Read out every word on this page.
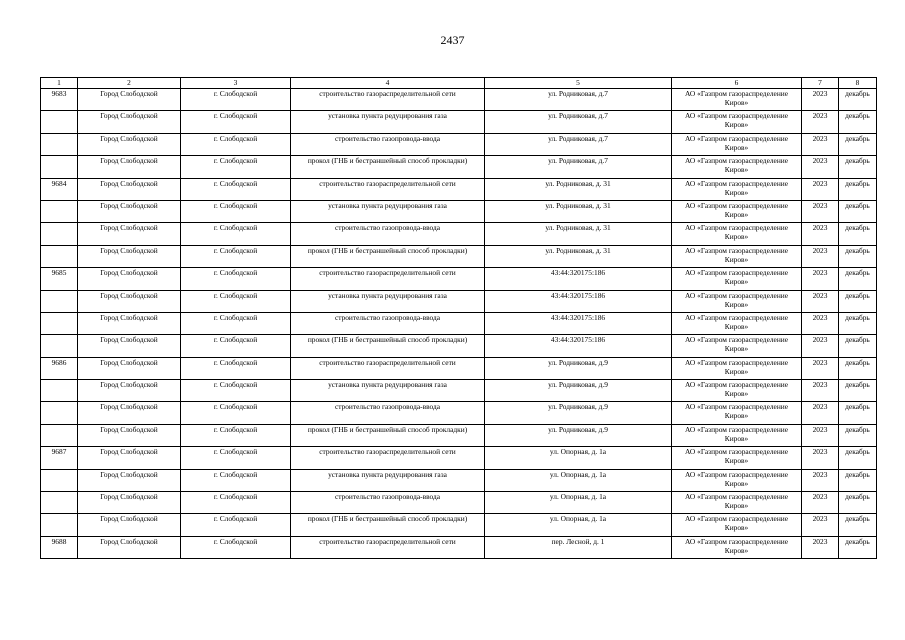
2437
1	2	3	4	5	6	7	8
9683	Город Слободской	г. Слободской	строительство газораспределительной сети	ул. Родниковая, д.7	АО «Газпром газораспределение Киров»	2023	декабрь
	Город Слободской	г. Слободской	установка пункта редуцирования газа	ул. Родниковая, д.7	АО «Газпром газораспределение Киров»	2023	декабрь
	Город Слободской	г. Слободской	строительство газопровода-ввода	ул. Родниковая, д.7	АО «Газпром газораспределение Киров»	2023	декабрь
	Город Слободской	г. Слободской	прокол (ГНБ и бестраншейный способ прокладки)	ул. Родниковая, д.7	АО «Газпром газораспределение Киров»	2023	декабрь
9684	Город Слободской	г. Слободской	строительство газораспределительной сети	ул. Родниковая, д. 31	АО «Газпром газораспределение Киров»	2023	декабрь
	Город Слободской	г. Слободской	установка пункта редуцирования газа	ул. Родниковая, д. 31	АО «Газпром газораспределение Киров»	2023	декабрь
	Город Слободской	г. Слободской	строительство газопровода-ввода	ул. Родниковая, д. 31	АО «Газпром газораспределение Киров»	2023	декабрь
	Город Слободской	г. Слободской	прокол (ГНБ и бестраншейный способ прокладки)	ул. Родниковая, д. 31	АО «Газпром газораспределение Киров»	2023	декабрь
9685	Город Слободской	г. Слободской	строительство газораспределительной сети	43:44:320175:186	АО «Газпром газораспределение Киров»	2023	декабрь
	Город Слободской	г. Слободской	установка пункта редуцирования газа	43:44:320175:186	АО «Газпром газораспределение Киров»	2023	декабрь
	Город Слободской	г. Слободской	строительство газопровода-ввода	43:44:320175:186	АО «Газпром газораспределение Киров»	2023	декабрь
	Город Слободской	г. Слободской	прокол (ГНБ и бестраншейный способ прокладки)	43:44:320175:186	АО «Газпром газораспределение Киров»	2023	декабрь
9686	Город Слободской	г. Слободской	строительство газораспределительной сети	ул. Родниковая, д.9	АО «Газпром газораспределение Киров»	2023	декабрь
	Город Слободской	г. Слободской	установка пункта редуцирования газа	ул. Родниковая, д.9	АО «Газпром газораспределение Киров»	2023	декабрь
	Город Слободской	г. Слободской	строительство газопровода-ввода	ул. Родниковая, д.9	АО «Газпром газораспределение Киров»	2023	декабрь
	Город Слободской	г. Слободской	прокол (ГНБ и бестраншейный способ прокладки)	ул. Родниковая, д.9	АО «Газпром газораспределение Киров»	2023	декабрь
9687	Город Слободской	г. Слободской	строительство газораспределительной сети	ул. Опорная, д. 1а	АО «Газпром газораспределение Киров»	2023	декабрь
	Город Слободской	г. Слободской	установка пункта редуцирования газа	ул. Опорная, д. 1а	АО «Газпром газораспределение Киров»	2023	декабрь
	Город Слободской	г. Слободской	строительство газопровода-ввода	ул. Опорная, д. 1а	АО «Газпром газораспределение Киров»	2023	декабрь
	Город Слободской	г. Слободской	прокол (ГНБ и бестраншейный способ прокладки)	ул. Опорная, д. 1а	АО «Газпром газораспределение Киров»	2023	декабрь
9688	Город Слободской	г. Слободской	строительство газораспределительной сети	пер. Лесной, д. 1	АО «Газпром газораспределение Киров»	2023	декабрь
